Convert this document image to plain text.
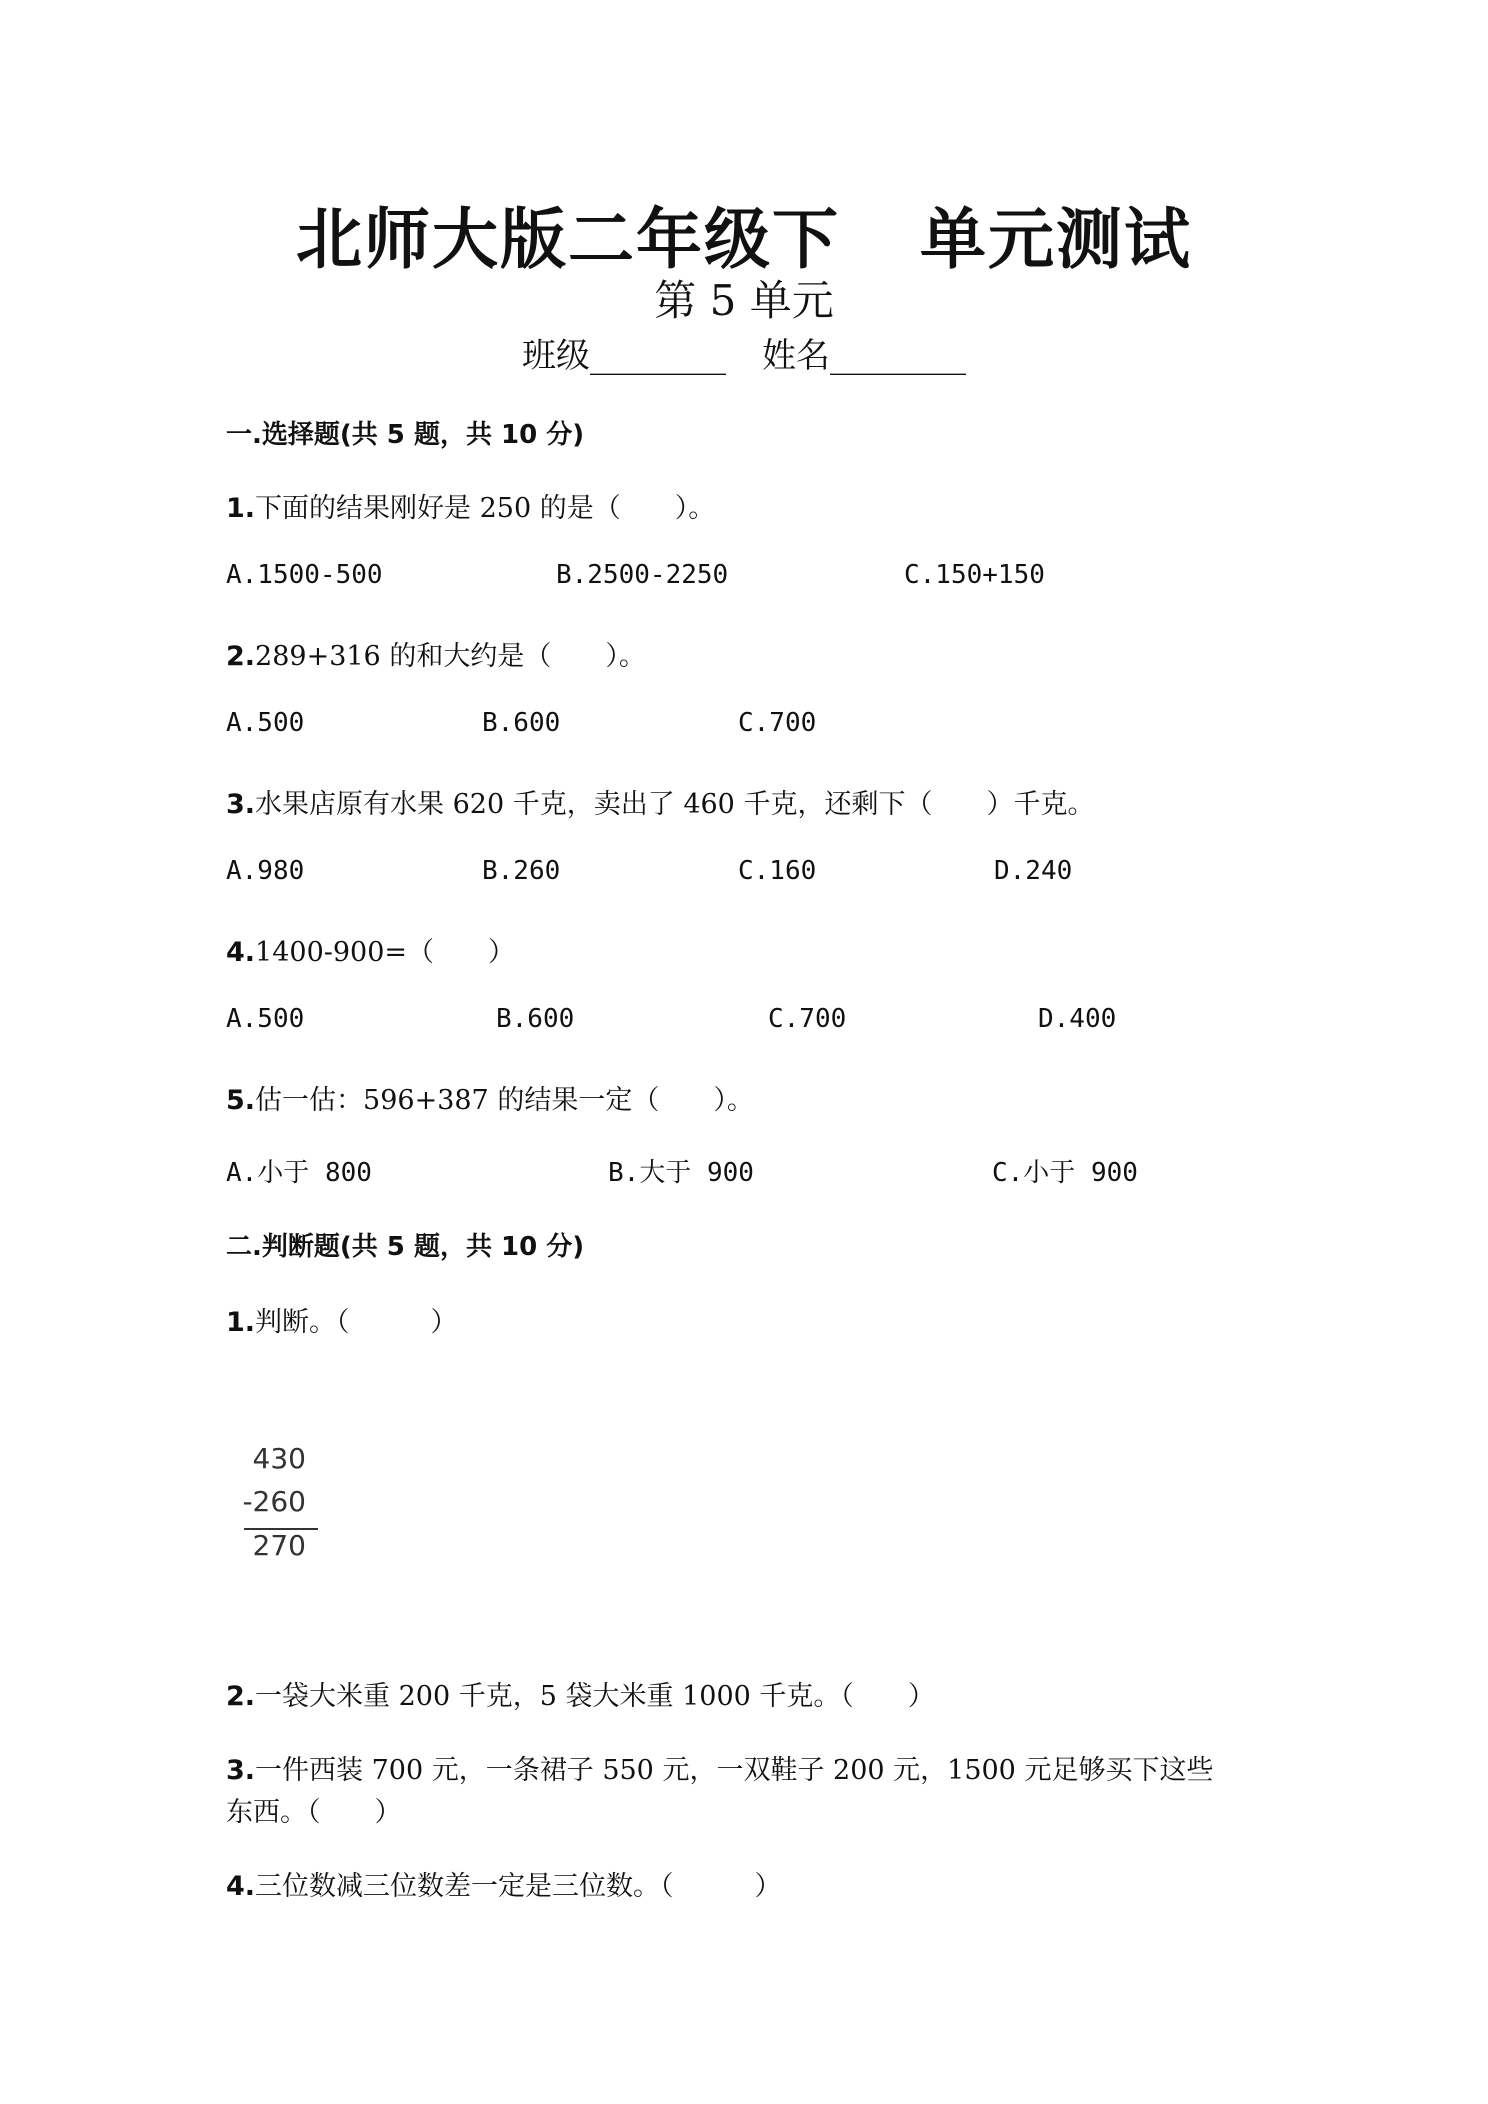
北师大版二年级下 单元测试
第 5 单元
班级________ 姓名________
一.选择题(共 5 题，共 10 分)
1.下面的结果刚好是 250 的是（　　）。
A.1500-500	B.2500-2250	C.150+150
2.289+316 的和大约是（　　）。
A.500	B.600	C.700
3.水果店原有水果 620 千克，卖出了 460 千克，还剩下（　　）千克。
A.980	B.260	C.160	D.240
4.1400-900=（　　）
A.500	B.600	C.700	D.400
5.估一估：596+387 的结果一定（　　）。
A.小于 800	B.大于 900	C.小于 900
二.判断题(共 5 题，共 10 分)
1.判断。（　　　）
430
-260
270
2.一袋大米重 200 千克，5 袋大米重 1000 千克。（　　）
3.一件西装 700 元，一条裙子 550 元，一双鞋子 200 元，1500 元足够买下这些
东西。（　　）
4.三位数减三位数差一定是三位数。（　　　）
